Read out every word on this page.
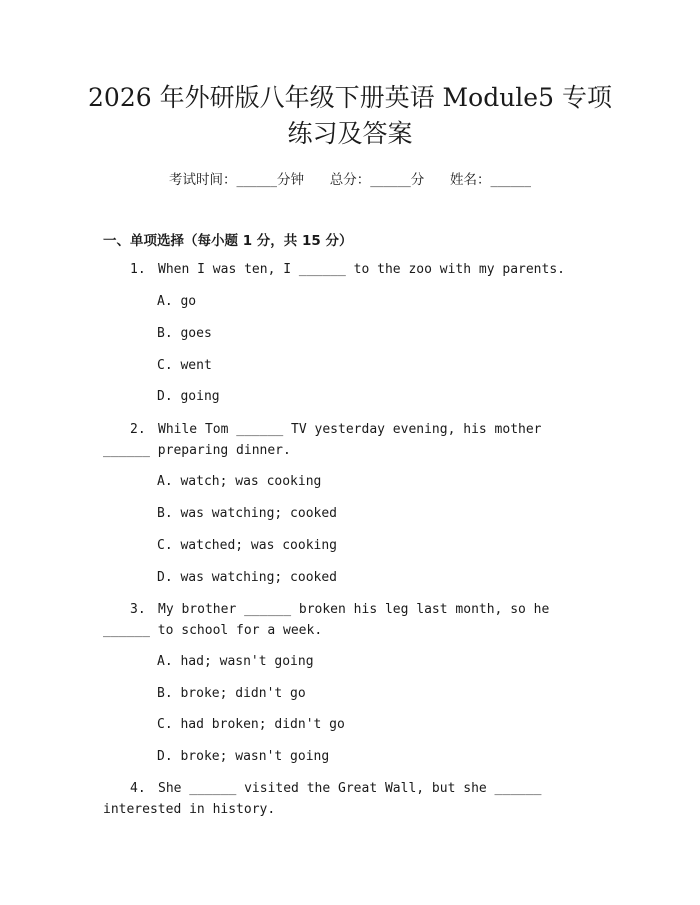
2026 年外研版八年级下册英语 Module5 专项
练习及答案
考试时间：______分钟 总分：______分 姓名：______
一、单项选择（每小题 1 分，共 15 分）
1. When I was ten, I ______ to the zoo with my parents.
A. go
B. goes
C. went
D. going
2. While Tom ______ TV yesterday evening, his mother ______ preparing dinner.
A. watch; was cooking
B. was watching; cooked
C. watched; was cooking
D. was watching; cooked
3. My brother ______ broken his leg last month, so he ______ to school for a week.
A. had; wasn't going
B. broke; didn't go
C. had broken; didn't go
D. broke; wasn't going
4. She ______ visited the Great Wall, but she ______ interested in history.
